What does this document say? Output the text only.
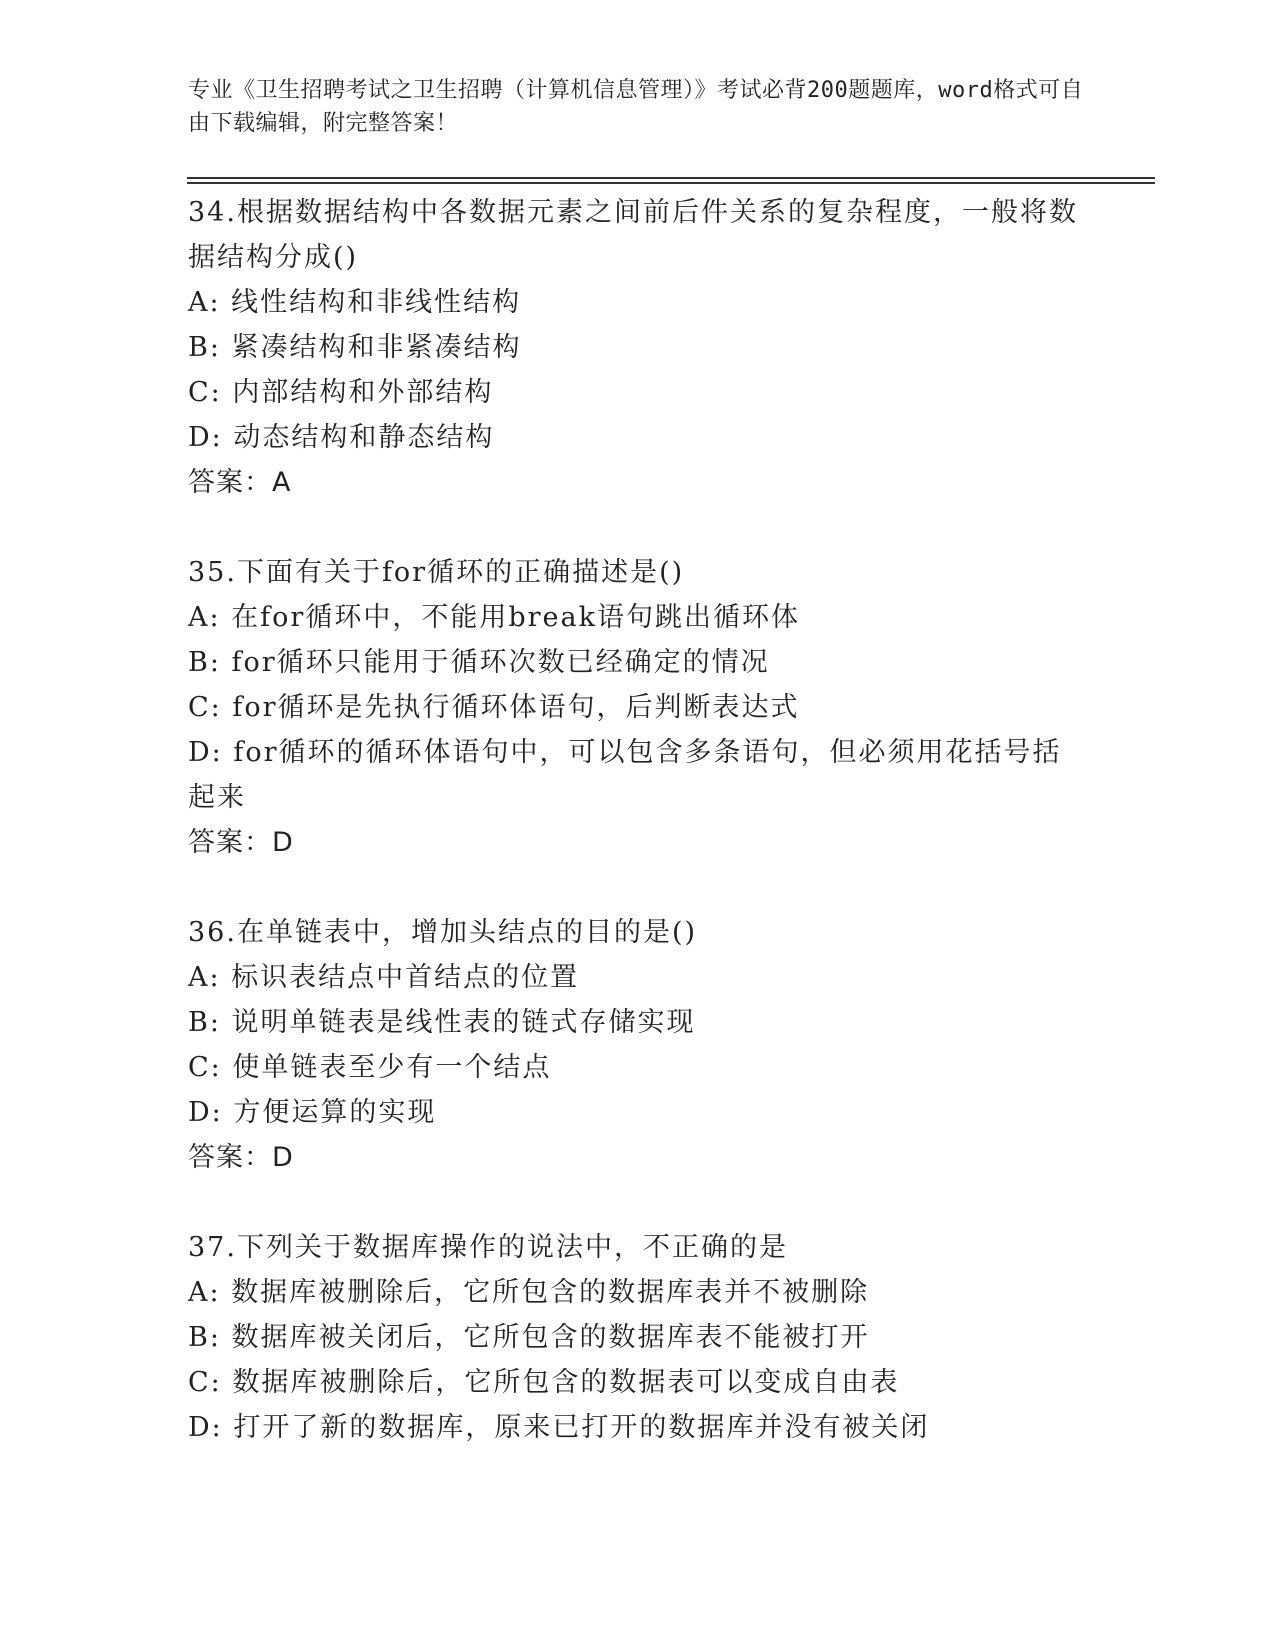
专业《卫生招聘考试之卫生招聘（计算机信息管理）》考试必背200题题库，word格式可自由下载编辑，附完整答案！

34.根据数据结构中各数据元素之间前后件关系的复杂程度，一般将数据结构分成()

A: 线性结构和非线性结构

B: 紧凑结构和非紧凑结构

C: 内部结构和外部结构

D: 动态结构和静态结构

答案：A

35.下面有关于for循环的正确描述是()

A: 在for循环中，不能用break语句跳出循环体

B: for循环只能用于循环次数已经确定的情况

C: for循环是先执行循环体语句，后判断表达式

D: for循环的循环体语句中，可以包含多条语句，但必须用花括号括起来

答案：D

36.在单链表中，增加头结点的目的是()

A: 标识表结点中首结点的位置

B: 说明单链表是线性表的链式存储实现

C: 使单链表至少有一个结点

D: 方便运算的实现

答案：D

37.下列关于数据库操作的说法中，不正确的是

A: 数据库被删除后，它所包含的数据库表并不被删除

B: 数据库被关闭后，它所包含的数据库表不能被打开

C: 数据库被删除后，它所包含的数据表可以变成自由表

D: 打开了新的数据库，原来已打开的数据库并没有被关闭
